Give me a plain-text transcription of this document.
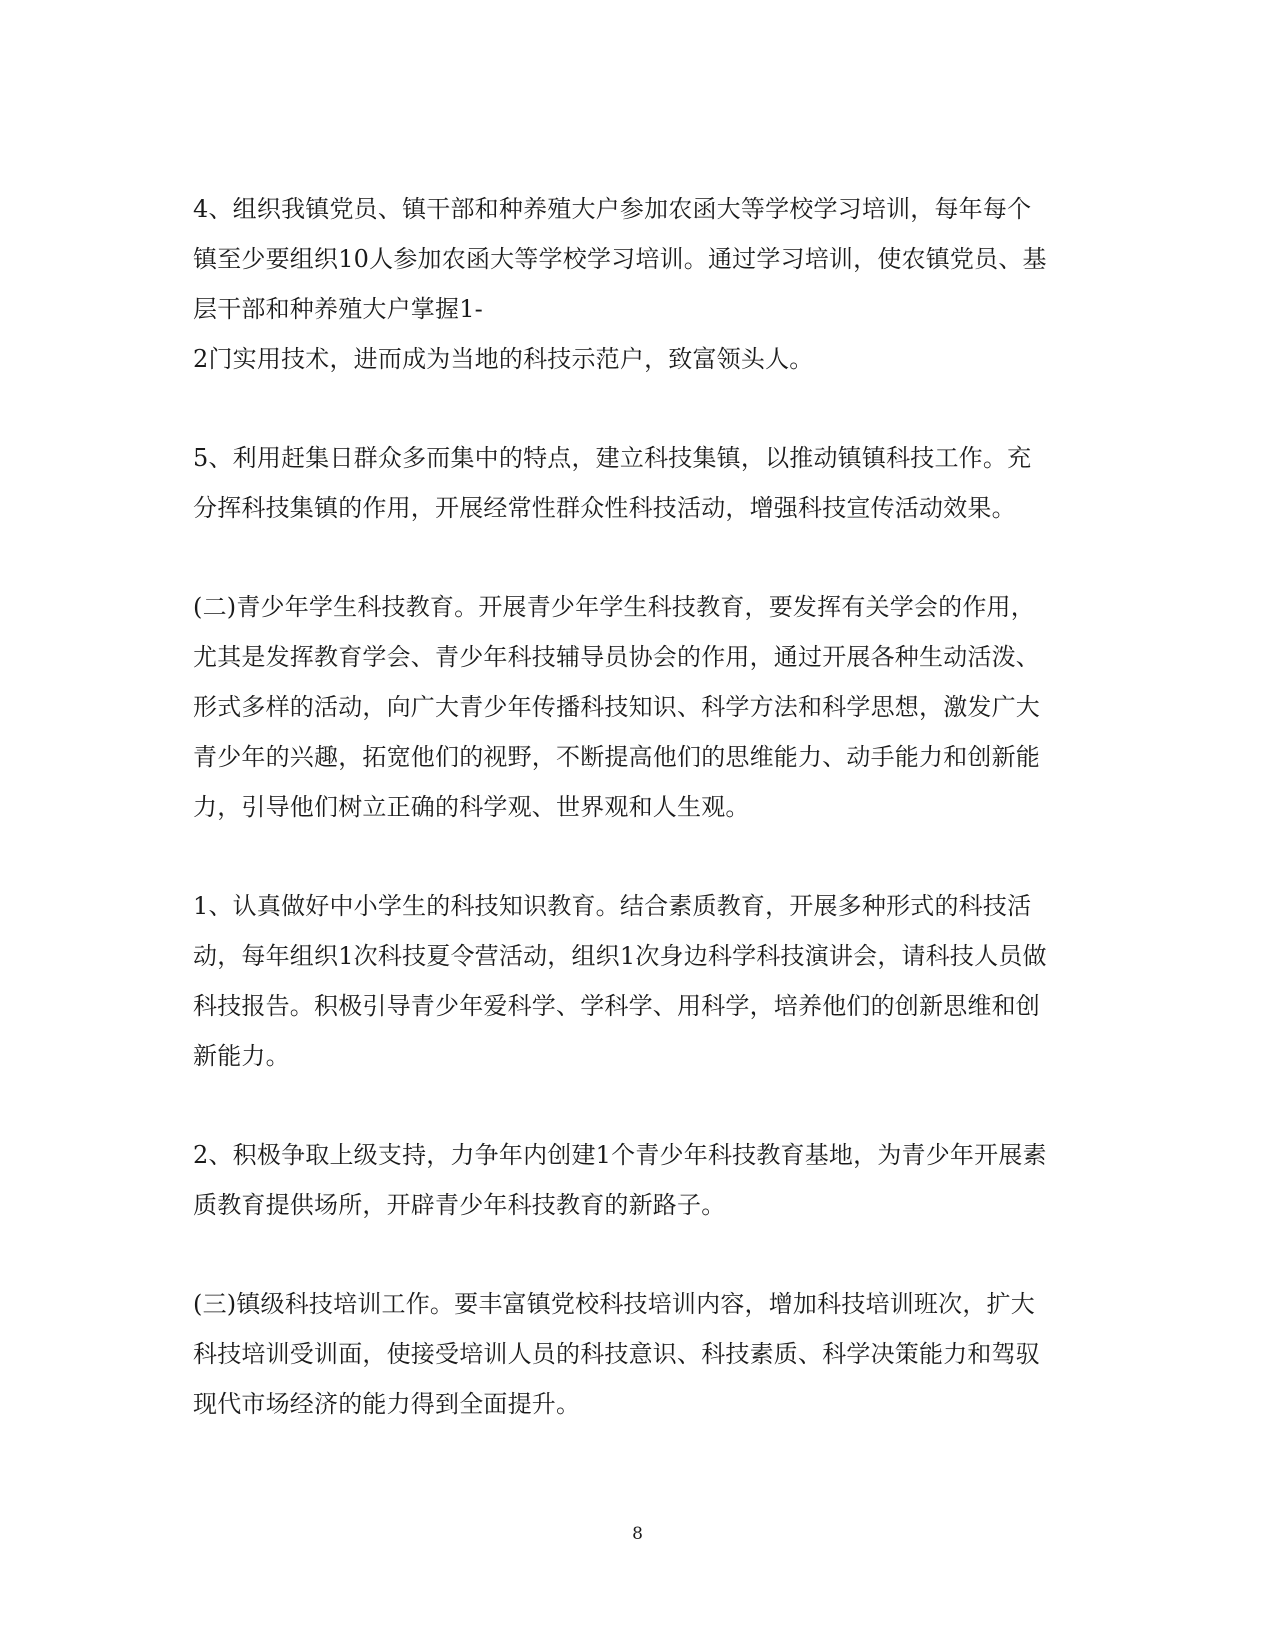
4、组织我镇党员、镇干部和种养殖大户参加农函大等学校学习培训，每年每个
镇至少要组织10人参加农函大等学校学习培训。通过学习培训，使农镇党员、基
层干部和种养殖大户掌握1-
2门实用技术，进而成为当地的科技示范户，致富领头人。
5、利用赶集日群众多而集中的特点，建立科技集镇，以推动镇镇科技工作。充
分挥科技集镇的作用，开展经常性群众性科技活动，增强科技宣传活动效果。
(二)青少年学生科技教育。开展青少年学生科技教育，要发挥有关学会的作用，
尤其是发挥教育学会、青少年科技辅导员协会的作用，通过开展各种生动活泼、
形式多样的活动，向广大青少年传播科技知识、科学方法和科学思想，激发广大
青少年的兴趣，拓宽他们的视野，不断提高他们的思维能力、动手能力和创新能
力，引导他们树立正确的科学观、世界观和人生观。
1、认真做好中小学生的科技知识教育。结合素质教育，开展多种形式的科技活
动，每年组织1次科技夏令营活动，组织1次身边科学科技演讲会，请科技人员做
科技报告。积极引导青少年爱科学、学科学、用科学，培养他们的创新思维和创
新能力。
2、积极争取上级支持，力争年内创建1个青少年科技教育基地，为青少年开展素
质教育提供场所，开辟青少年科技教育的新路子。
(三)镇级科技培训工作。要丰富镇党校科技培训内容，增加科技培训班次，扩大
科技培训受训面，使接受培训人员的科技意识、科技素质、科学决策能力和驾驭
现代市场经济的能力得到全面提升。
8
